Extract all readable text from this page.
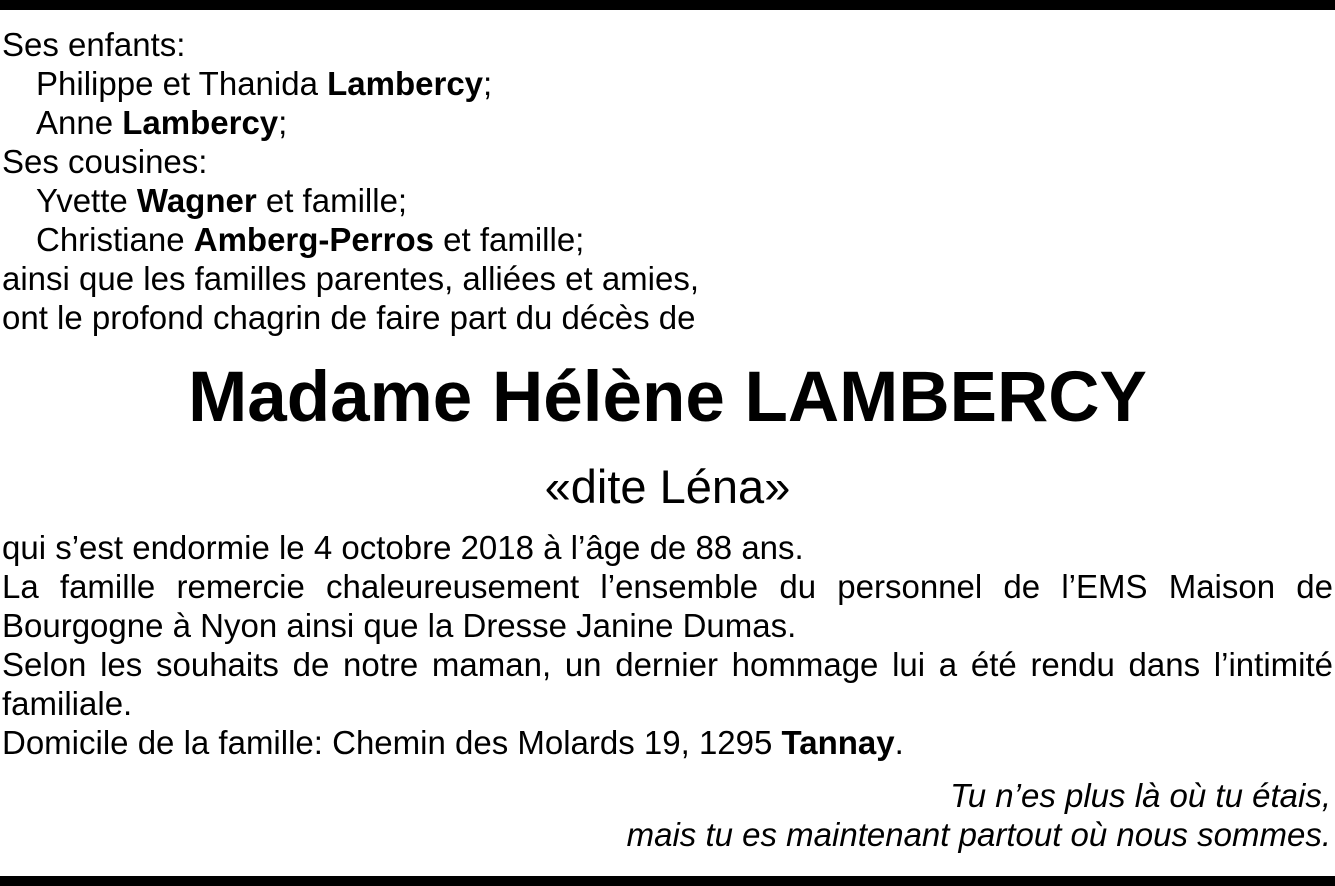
Ses enfants:
Philippe et Thanida Lambercy;
Anne Lambercy;
Ses cousines:
Yvette Wagner et famille;
Christiane Amberg-Perros et famille;
ainsi que les familles parentes, alliées et amies,
ont le profond chagrin de faire part du décès de
Madame Hélène LAMBERCY
«dite Léna»
qui s’est endormie le 4 octobre 2018 à l’âge de 88 ans.
La famille remercie chaleureusement l’ensemble du personnel de l’EMS Maison de Bourgogne à Nyon ainsi que la Dresse Janine Dumas.
Selon les souhaits de notre maman, un dernier hommage lui a été rendu dans l’intimité familiale.
Domicile de la famille: Chemin des Molards 19, 1295 Tannay.
Tu n’es plus là où tu étais,
mais tu es maintenant partout où nous sommes.
